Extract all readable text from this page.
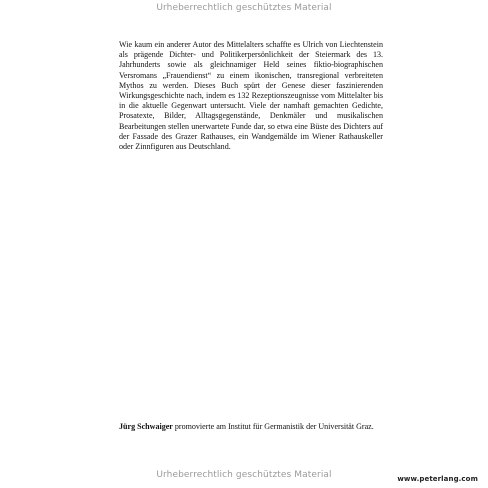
Urheberrechtlich geschütztes Material

Wie kaum ein anderer Autor des Mittelalters schaffte es Ulrich von Liechtenstein als prägende Dichter- und Politikerpersönlichkeit der Steiermark des 13. Jahrhunderts sowie als gleichnamiger Held seines fiktio-biographischen Versromans „Frauendienst“ zu einem ikonischen, transregional verbreiteten Mythos zu werden. Dieses Buch spürt der Genese dieser faszinierenden Wirkungsgeschichte nach, indem es 132 Rezeptionszeugnisse vom Mittelalter bis in die aktuelle Gegenwart untersucht. Viele der namhaft gemachten Gedichte, Prosatexte, Bilder, Alltagsgegenstände, Denkmäler und musikalischen Bearbeitungen stellen unerwartete Funde dar, so etwa eine Büste des Dichters auf der Fassade des Grazer Rathauses, ein Wandgemälde im Wiener Rathauskeller oder Zinnfiguren aus Deutschland.

Jürg Schwaiger promovierte am Institut für Germanistik der Universität Graz.

Urheberrechtlich geschütztes Material	www.peterlang.com
